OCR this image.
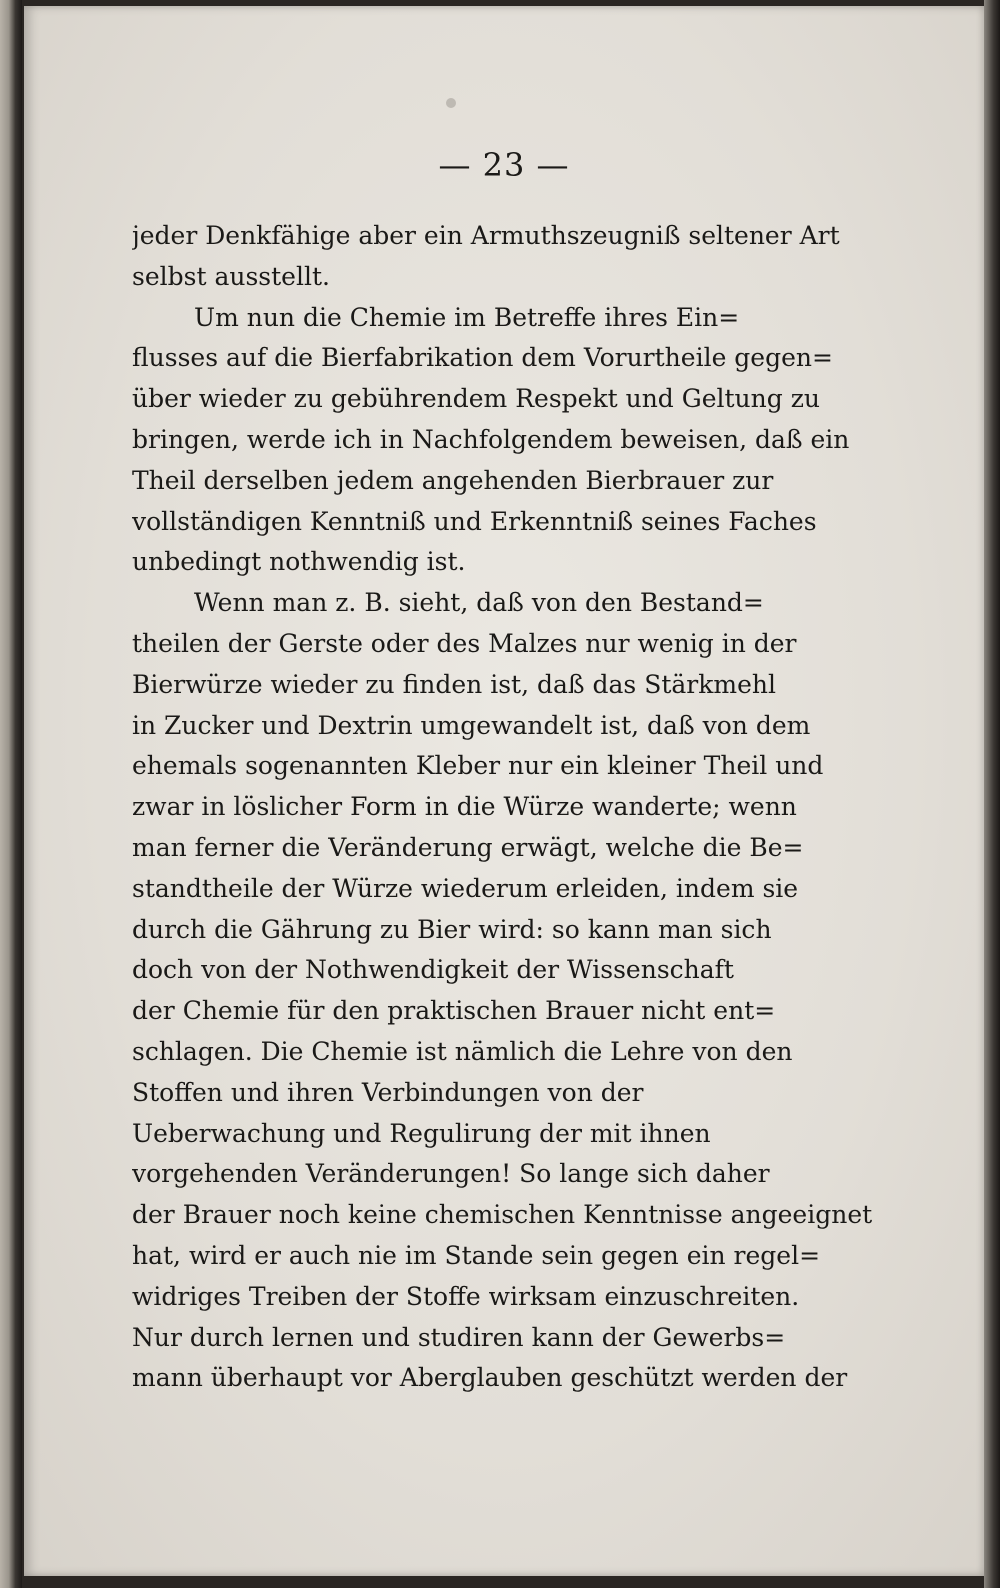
— 23 —
jeder Denkfähige aber ein Armuthszeugniß seltener Art
selbst ausstellt.
Um nun die Chemie im Betreffe ihres Ein=
flusses auf die Bierfabrikation dem Vorurtheile gegen=
über wieder zu gebührendem Respekt und Geltung zu
bringen, werde ich in Nachfolgendem beweisen, daß ein
Theil derselben jedem angehenden Bierbrauer zur
vollständigen Kenntniß und Erkenntniß seines Faches
unbedingt nothwendig ist.
Wenn man z. B. sieht, daß von den Bestand=
theilen der Gerste oder des Malzes nur wenig in der
Bierwürze wieder zu finden ist, daß das Stärkmehl
in Zucker und Dextrin umgewandelt ist, daß von dem
ehemals sogenannten Kleber nur ein kleiner Theil und
zwar in löslicher Form in die Würze wanderte; wenn
man ferner die Veränderung erwägt, welche die Be=
standtheile der Würze wiederum erleiden, indem sie
durch die Gährung zu Bier wird: so kann man sich
doch von der Nothwendigkeit der Wissenschaft
der Chemie für den praktischen Brauer nicht ent=
schlagen. Die Chemie ist nämlich die Lehre von den
Stoffen und ihren Verbindungen von der
Ueberwachung und Regulirung der mit ihnen
vorgehenden Veränderungen! So lange sich daher
der Brauer noch keine chemischen Kenntnisse angeeignet
hat, wird er auch nie im Stande sein gegen ein regel=
widriges Treiben der Stoffe wirksam einzuschreiten.
Nur durch lernen und studiren kann der Gewerbs=
mann überhaupt vor Aberglauben geschützt werden der
